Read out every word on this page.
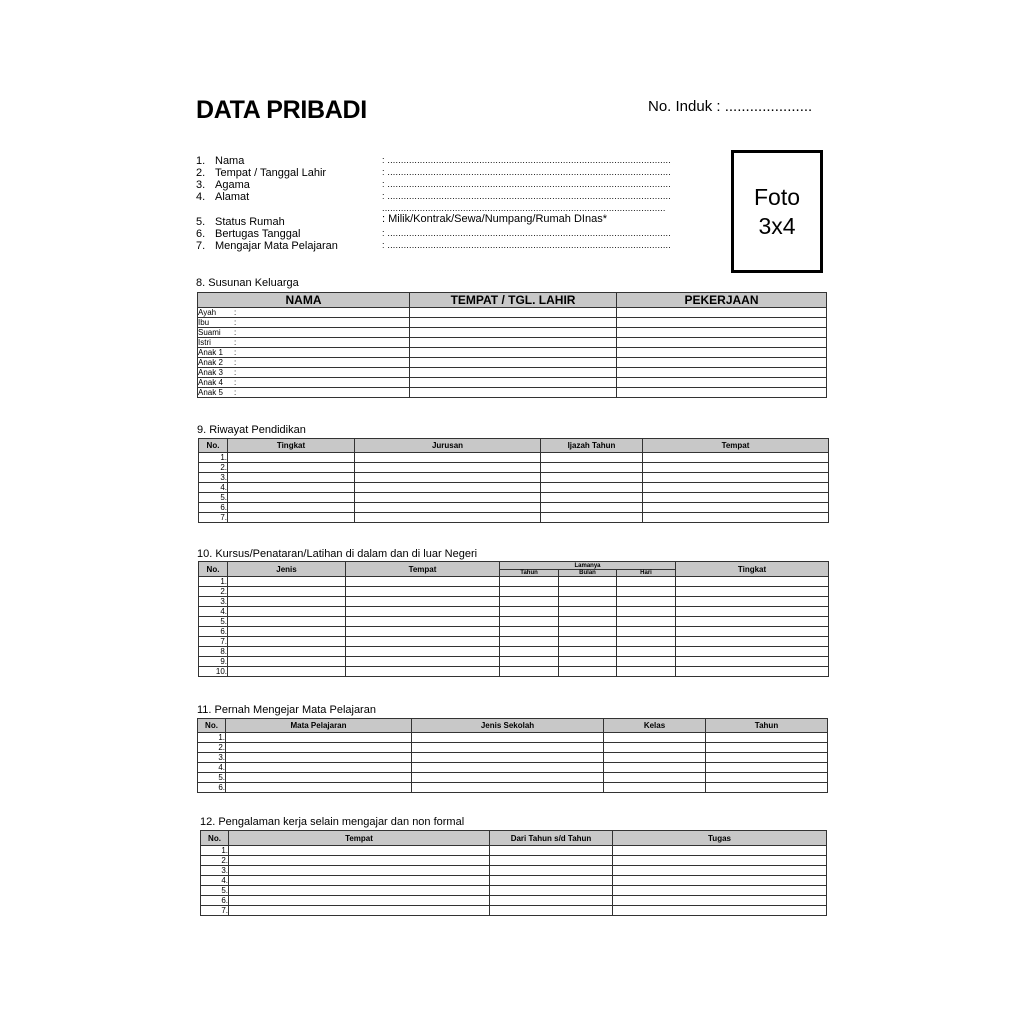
DATA PRIBADI	No. Induk : .....................
1. Nama	: .........................................................................................................
2. Tempat / Tanggal Lahir	: .........................................................................................................
3. Agama	: .........................................................................................................
4. Alamat	: .........................................................................................................
.........................................................................................................
5. Status Rumah	: Milik/Kontrak/Sewa/Numpang/Rumah DInas*
6. Bertugas Tanggal	: .........................................................................................................
7. Mengajar Mata Pelajaran	: .........................................................................................................
Foto
3x4
8. Susunan Keluarga
NAMA	TEMPAT / TGL. LAHIR	PEKERJAAN
Ayah :		

Ibu :		

Suami :		

Istri :		

Anak 1 :		

Anak 2 :		

Anak 3 :		

Anak 4 :		

Anak 5 :		

9. Riwayat Pendidikan
No.	Tingkat	Jurusan	Ijazah Tahun	Tempat
1.				
2.				
3.				
4.				
5.				
6.				
7.				
10. Kursus/Penataran/Latihan di dalam dan di luar Negeri
No.	Jenis	Tempat	Lamanya			Tingkat
			Tahun	Bulan	Hari	
1.						
2.						
3.						
4.						
5.						
6.						
7.						
8.						
9.						
10.						
11. Pernah Mengejar Mata Pelajaran
No.	Mata Pelajaran	Jenis Sekolah	Kelas	Tahun
1.				
2.				
3.				
4.				
5.				
6.				
12. Pengalaman kerja selain mengajar dan non formal
No.	Tempat	Dari Tahun s/d Tahun	Tugas
1.			
2.			
3.			
4.			
5.			
6.			
7.			
